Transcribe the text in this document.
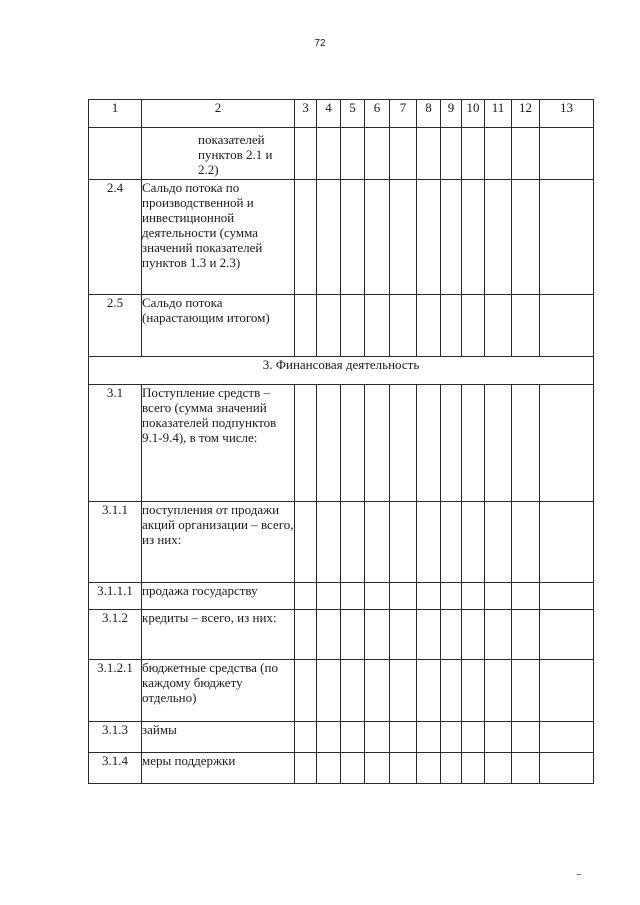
72
1	2	3	4	5	6	7	8	9	10	11	12	13
	показателей пунктов 2.1 и 2.2)											
2.4	Сальдо потока по производственной и инвестиционной деятельности (сумма значений показателей пунктов 1.3 и 2.3)											
2.5	Сальдо потока (нарастающим итогом)											
3. Финансовая деятельность												
3.1	Поступление средств – всего (сумма значений показателей подпунктов 9.1-9.4), в том числе:											
3.1.1	поступления от продажи акций организации – всего, из них:											
3.1.1.1	продажа государству											
3.1.2	кредиты – всего, из них:											
3.1.2.1	бюджетные средства (по каждому бюджету отдельно)											
3.1.3	займы											
3.1.4	меры поддержки											
